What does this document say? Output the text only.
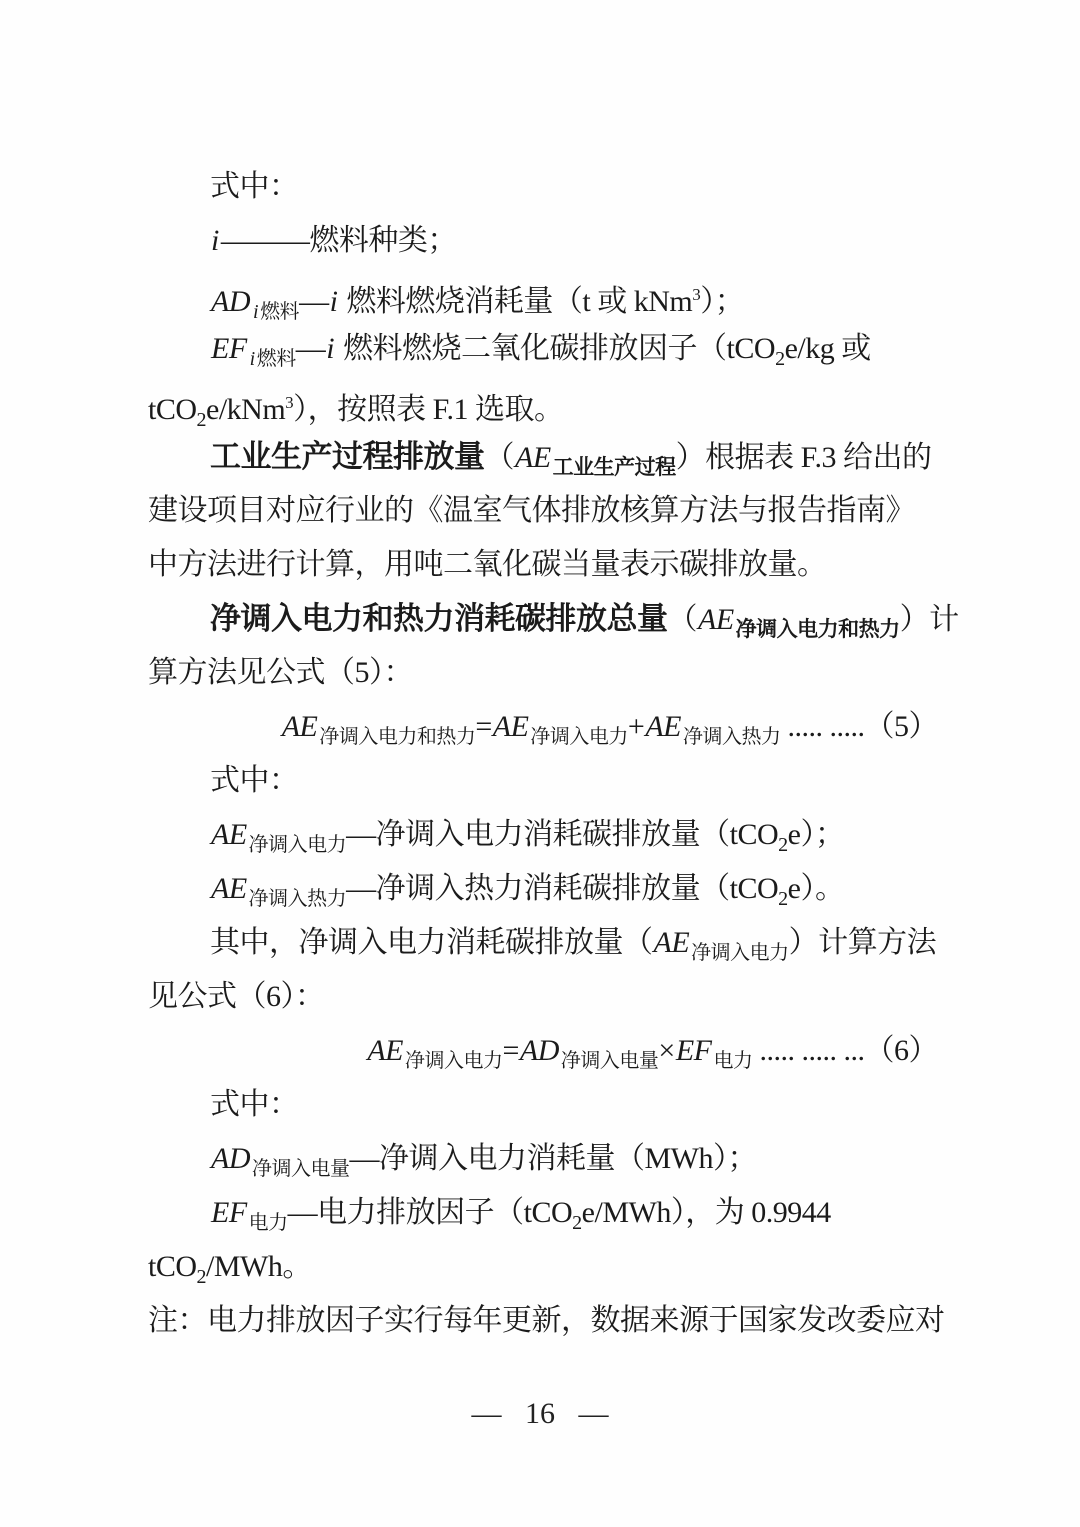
式中：
i———燃料种类；
AD $_i$ $_{燃料}$—i 燃料燃烧消耗量（t 或 kNm$^3$）；
EF $_i$ $_{燃料}$—i 燃料燃烧二氧化碳排放因子（tCO$_2$e/kg 或
tCO$_2$e/kNm$^3$），按照表 F.1 选取。
工业生产过程排放量$(AE_{工业生产过程})$根据表 F.3 给出的
建设项目对应行业的《温室气体排放核算方法与报告指南》
中方法进行计算，用吨二氧化碳当量表示碳排放量。
净调入电力和热力消耗碳排放总量$(AE_{净调入电力和热力})$计
算方法见公式（5）：
AE $_{净调入电力和热力}$=AE $_{净调入电力}$+AE $_{净调入热力}$ ..... .....（5）
式中：
AE $_{净调入电力}$—净调入电力消耗碳排放量（tCO$_2$e）；
AE $_{净调入热力}$—净调入热力消耗碳排放量（tCO$_2$e）。
其中，净调入电力消耗碳排放量（AE $_{净调入电力}$）计算方法
见公式（6）：
AE $_{净调入电力}$=AD $_{净调入电量}$×EF $_{电力}$ ..... ..... ...（6）
式中：
AD $_{净调入电量}$—净调入电力消耗量（MWh）；
EF $_{电力}$—电力排放因子（tCO$_2$e/MWh），为 0.9944
tCO$_2$/MWh。
注：电力排放因子实行每年更新，数据来源于国家发改委应对
— 16 —
